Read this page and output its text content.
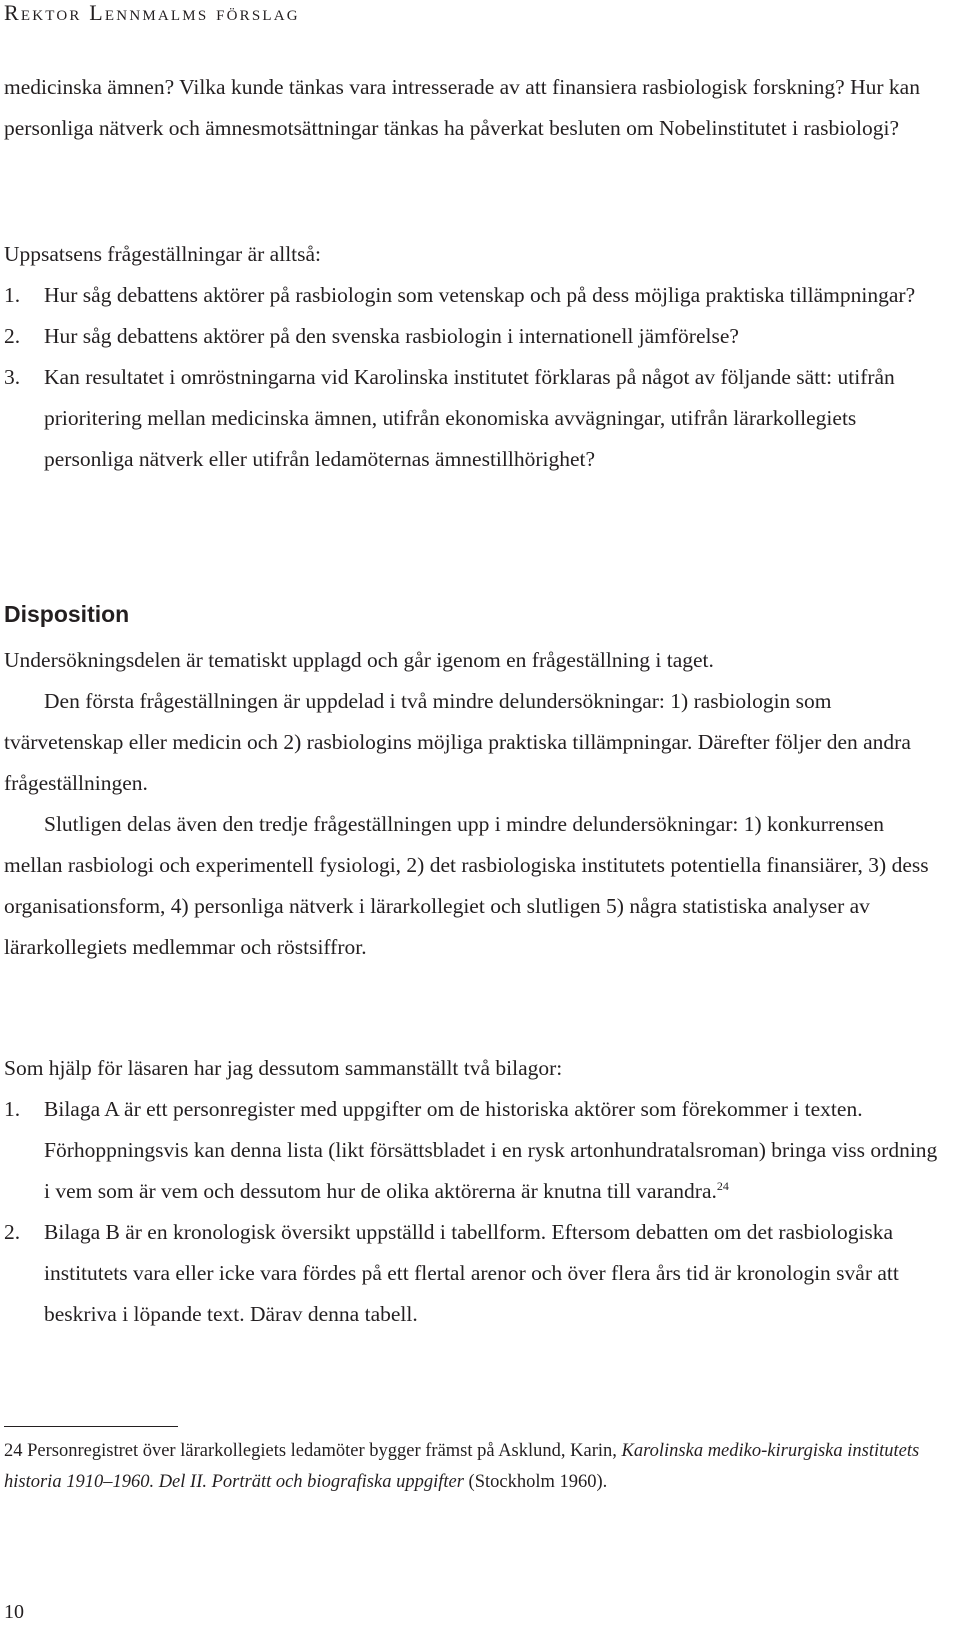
Rektor Lennmalms förslag

medicinska ämnen? Vilka kunde tänkas vara intresserade av att finansiera rasbiologisk forskning? Hur kan personliga nätverk och ämnesmotsättningar tänkas ha påverkat besluten om Nobelinstitutet i rasbiologi?

Uppsatsens frågeställningar är alltså:

1. Hur såg debattens aktörer på rasbiologin som vetenskap och på dess möjliga praktiska tillämpningar?
2. Hur såg debattens aktörer på den svenska rasbiologin i internationell jämförelse?
3. Kan resultatet i omröstningarna vid Karolinska institutet förklaras på något av följande sätt: utifrån prioritering mellan medicinska ämnen, utifrån ekonomiska avvägningar, utifrån lärarkollegiets personliga nätverk eller utifrån ledamöternas ämnestillhörighet?
Disposition

Undersökningsdelen är tematiskt upplagd och går igenom en frågeställning i taget.

Den första frågeställningen är uppdelad i två mindre delundersökningar: 1) rasbiologin som tvärvetenskap eller medicin och 2) rasbiologins möjliga praktiska tillämpningar. Därefter följer den andra frågeställningen.

Slutligen delas även den tredje frågeställningen upp i mindre delundersökningar: 1) konkurrensen mellan rasbiologi och experimentell fysiologi, 2) det rasbiologiska institutets potentiella finansiärer, 3) dess organisationsform, 4) personliga nätverk i lärarkollegiet och slutligen 5) några statistiska analyser av lärarkollegiets medlemmar och röstsiffror.

Som hjälp för läsaren har jag dessutom sammanställt två bilagor:

1. Bilaga A är ett personregister med uppgifter om de historiska aktörer som förekommer i texten. Förhoppningsvis kan denna lista (likt försättsbladet i en rysk artonhundratalsroman) bringa viss ordning i vem som är vem och dessutom hur de olika aktörerna är knutna till varandra.$^{24}$
2. Bilaga B är en kronologisk översikt uppställd i tabellform. Eftersom debatten om det rasbiologiska institutets vara eller icke vara fördes på ett flertal arenor och över flera års tid är kronologin svår att beskriva i löpande text. Därav denna tabell.

24 Personregistret över lärarkollegiets ledamöter bygger främst på Asklund, Karin, Karolinska mediko-kirurgiska institutets historia 1910–1960. Del II. Porträtt och biografiska uppgifter (Stockholm 1960).

10
